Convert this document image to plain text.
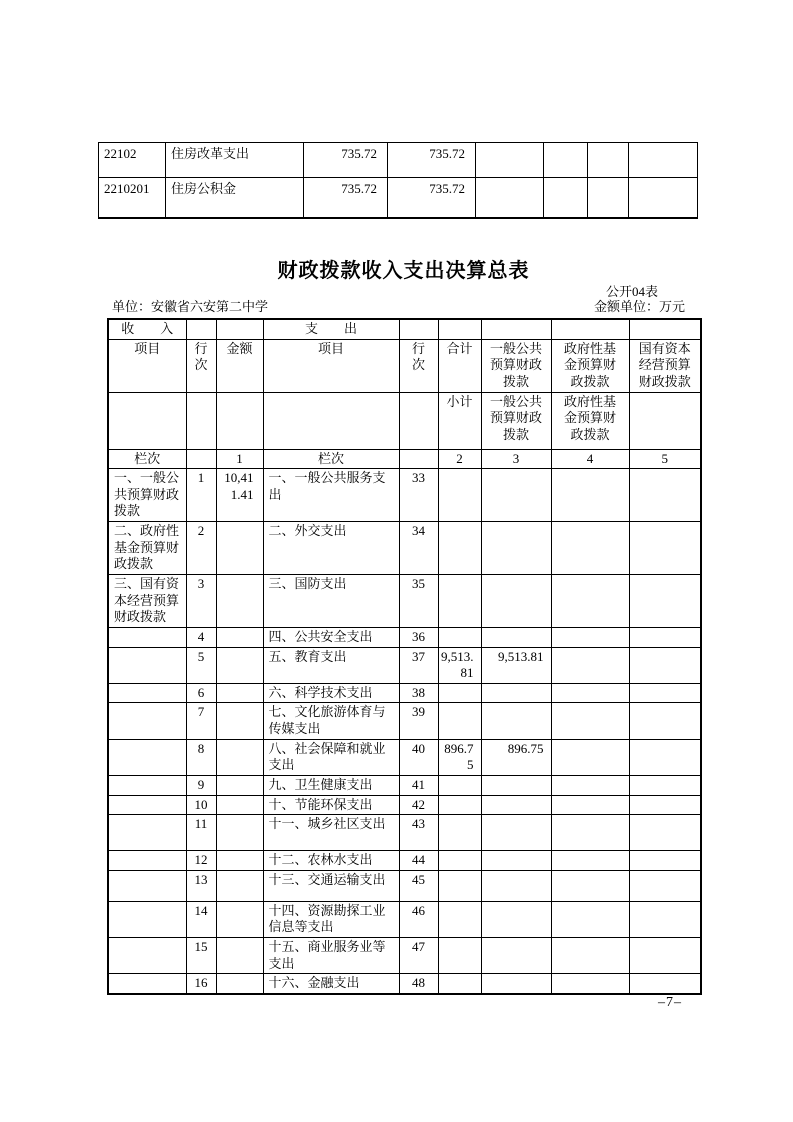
22102	住房改革支出	735.72	735.72				
2210201	住房公积金	735.72	735.72				
财政拨款收入支出决算总表
公开04表
单位：安徽省六安第二中学	金额单位：万元
收　　入			支　　出					
项目	行次	金额	项目	行次	合计	一般公共预算财政拨款	政府性基金预算财政拨款	国有资本经营预算财政拨款
					小计	一般公共预算财政拨款	政府性基金预算财政拨款	
栏次		1	栏次		2	3	4	5
一、一般公共预算财政拨款	1	10,411.41	一、一般公共服务支出	33				
二、政府性基金预算财政拨款	2		二、外交支出	34				
三、国有资本经营预算财政拨款	3		三、国防支出	35				
	4		四、公共安全支出	36				
	5		五、教育支出	37	9,513.81	9,513.81		
	6		六、科学技术支出	38				
	7		七、文化旅游体育与传媒支出	39				
	8		八、社会保障和就业支出	40	896.75	896.75		
	9		九、卫生健康支出	41				
	10		十、节能环保支出	42				
	11		十一、城乡社区支出	43				
	12		十二、农林水支出	44				
	13		十三、交通运输支出	45				
	14		十四、资源勘探工业信息等支出	46				
	15		十五、商业服务业等支出	47				
	16		十六、金融支出	48				
–7–
